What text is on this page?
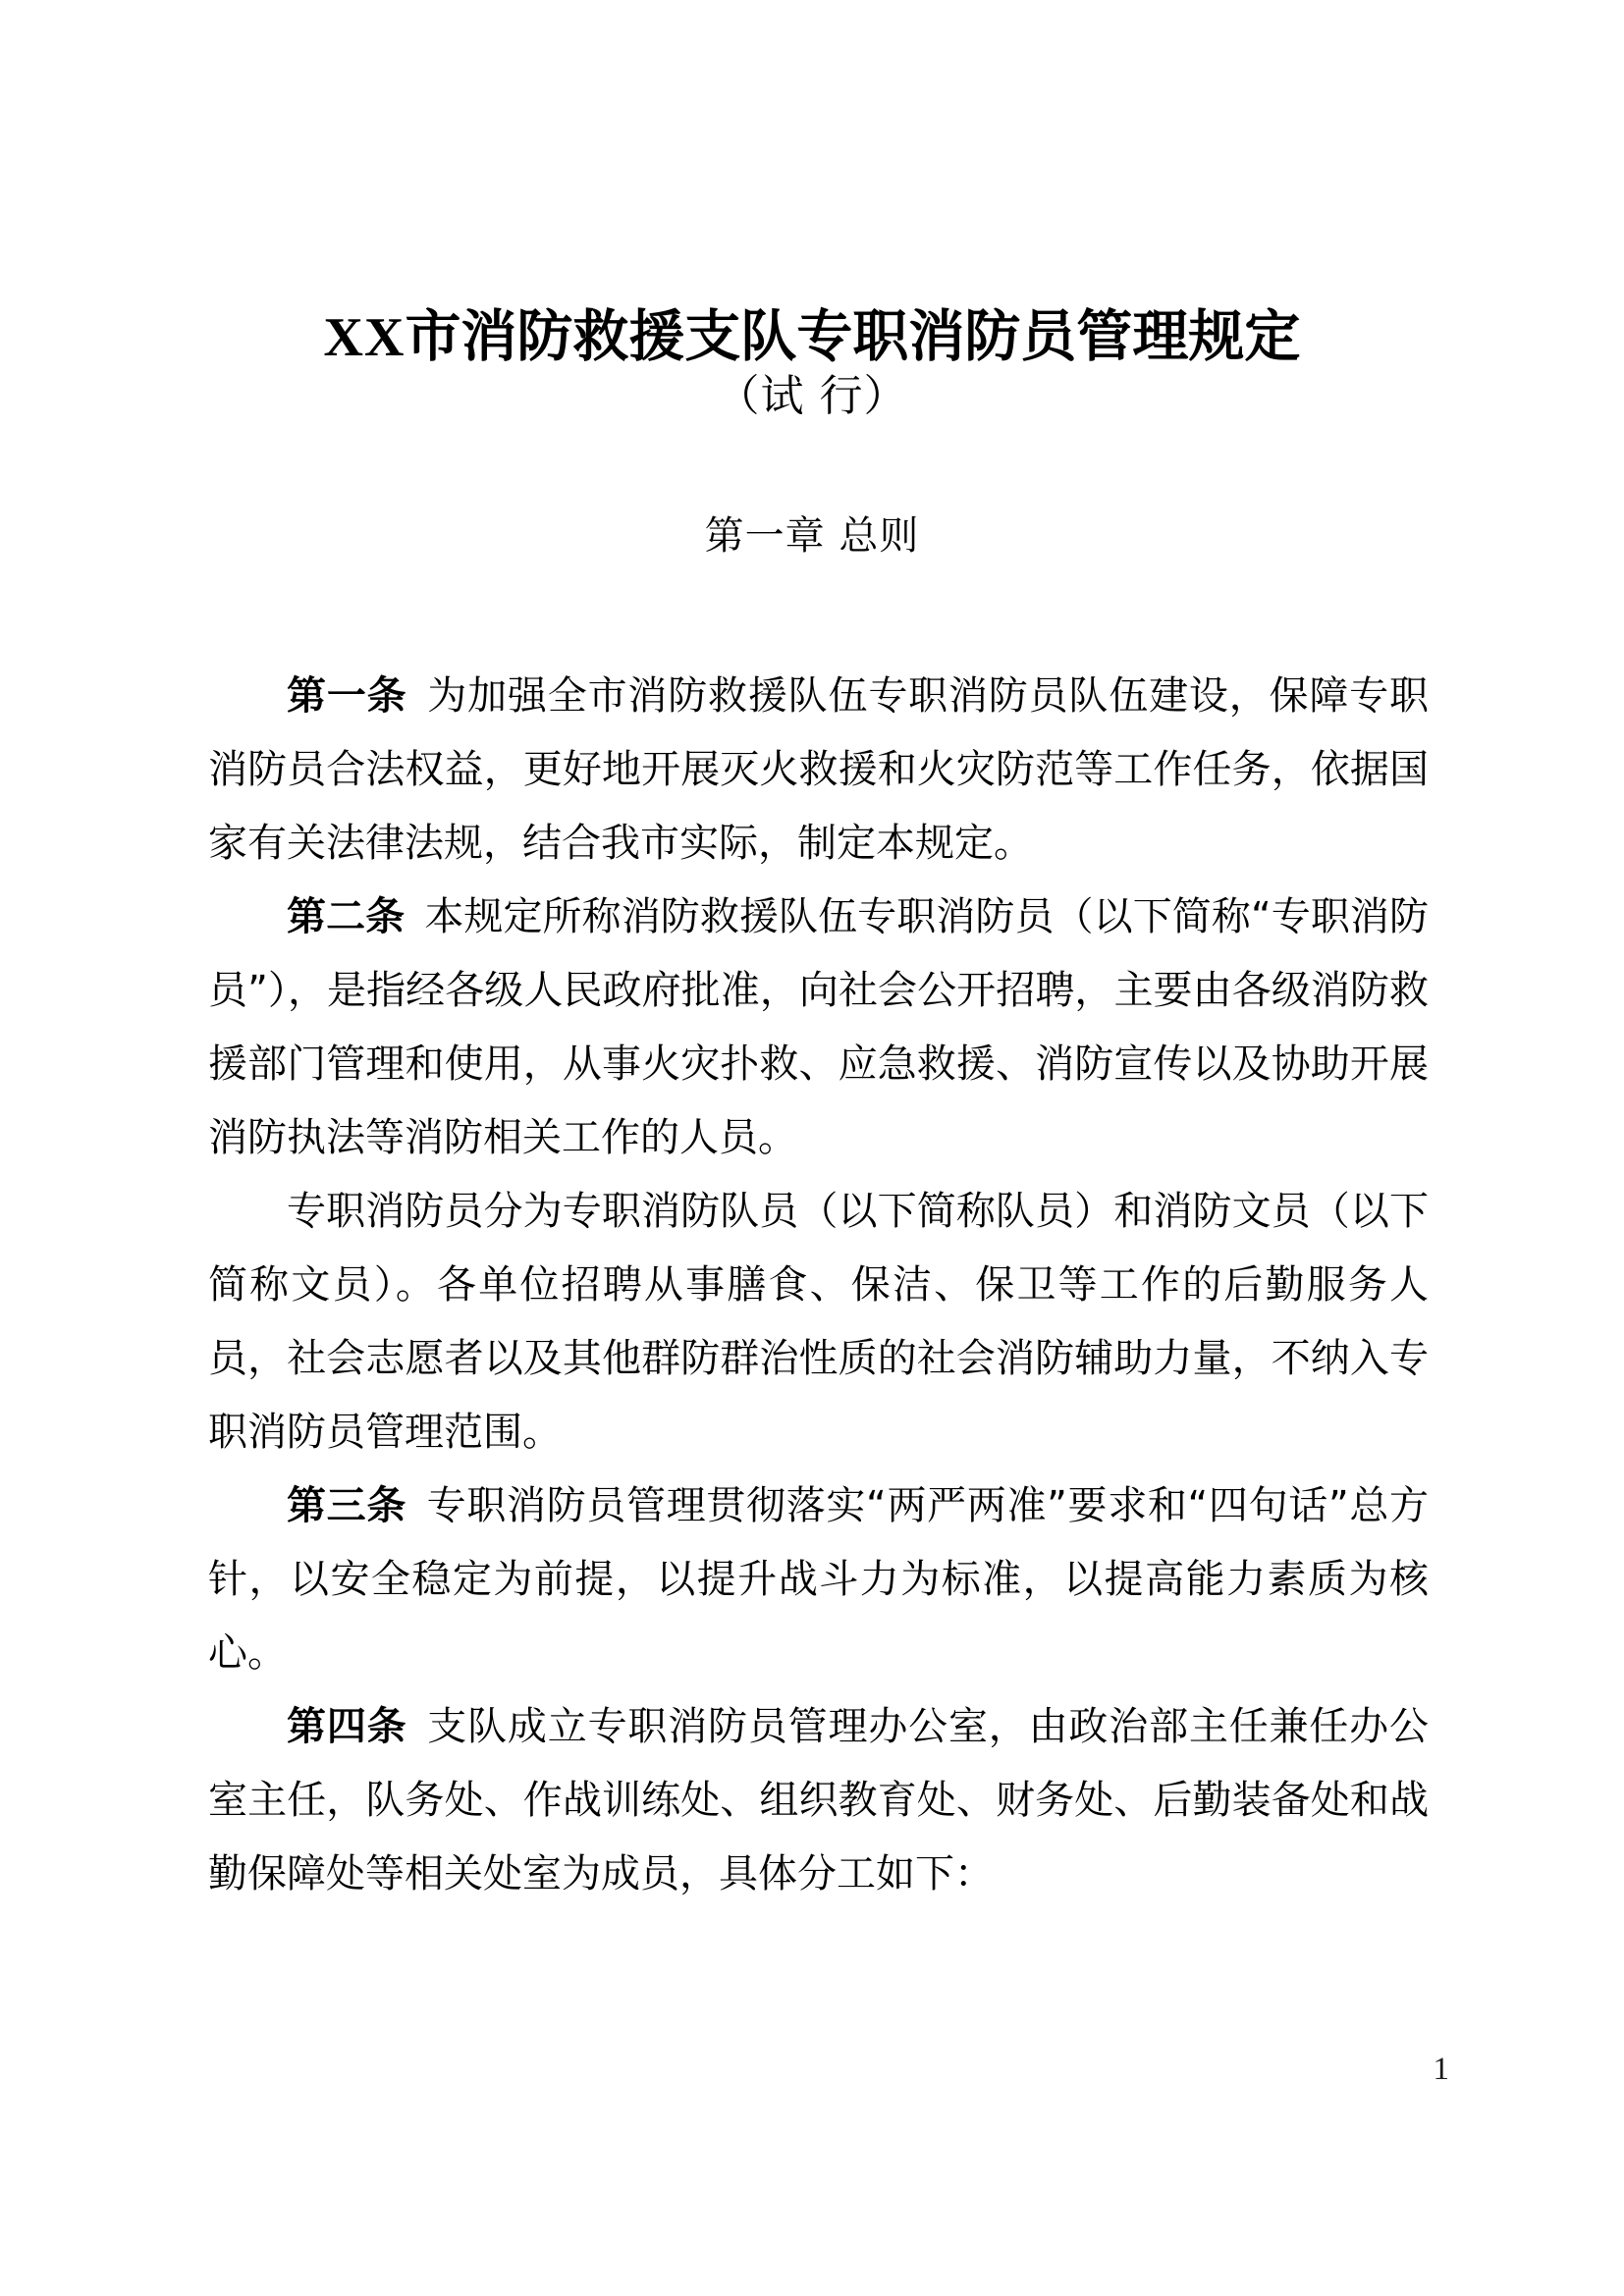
XX市消防救援支队专职消防员管理规定
（试 行）
第一章 总则

第一条 为加强全市消防救援队伍专职消防员队伍建设，保障专职消防员合法权益，更好地开展灭火救援和火灾防范等工作任务，依据国家有关法律法规，结合我市实际，制定本规定。

第二条 本规定所称消防救援队伍专职消防员（以下简称“专职消防员”），是指经各级人民政府批准，向社会公开招聘，主要由各级消防救援部门管理和使用，从事火灾扑救、应急救援、消防宣传以及协助开展消防执法等消防相关工作的人员。

专职消防员分为专职消防队员（以下简称队员）和消防文员（以下简称文员）。各单位招聘从事膳食、保洁、保卫等工作的后勤服务人员，社会志愿者以及其他群防群治性质的社会消防辅助力量，不纳入专职消防员管理范围。

第三条 专职消防员管理贯彻落实“两严两准”要求和“四句话”总方针，以安全稳定为前提，以提升战斗力为标准，以提高能力素质为核心。

第四条 支队成立专职消防员管理办公室，由政治部主任兼任办公室主任，队务处、作战训练处、组织教育处、财务处、后勤装备处和战勤保障处等相关处室为成员，具体分工如下：

1
